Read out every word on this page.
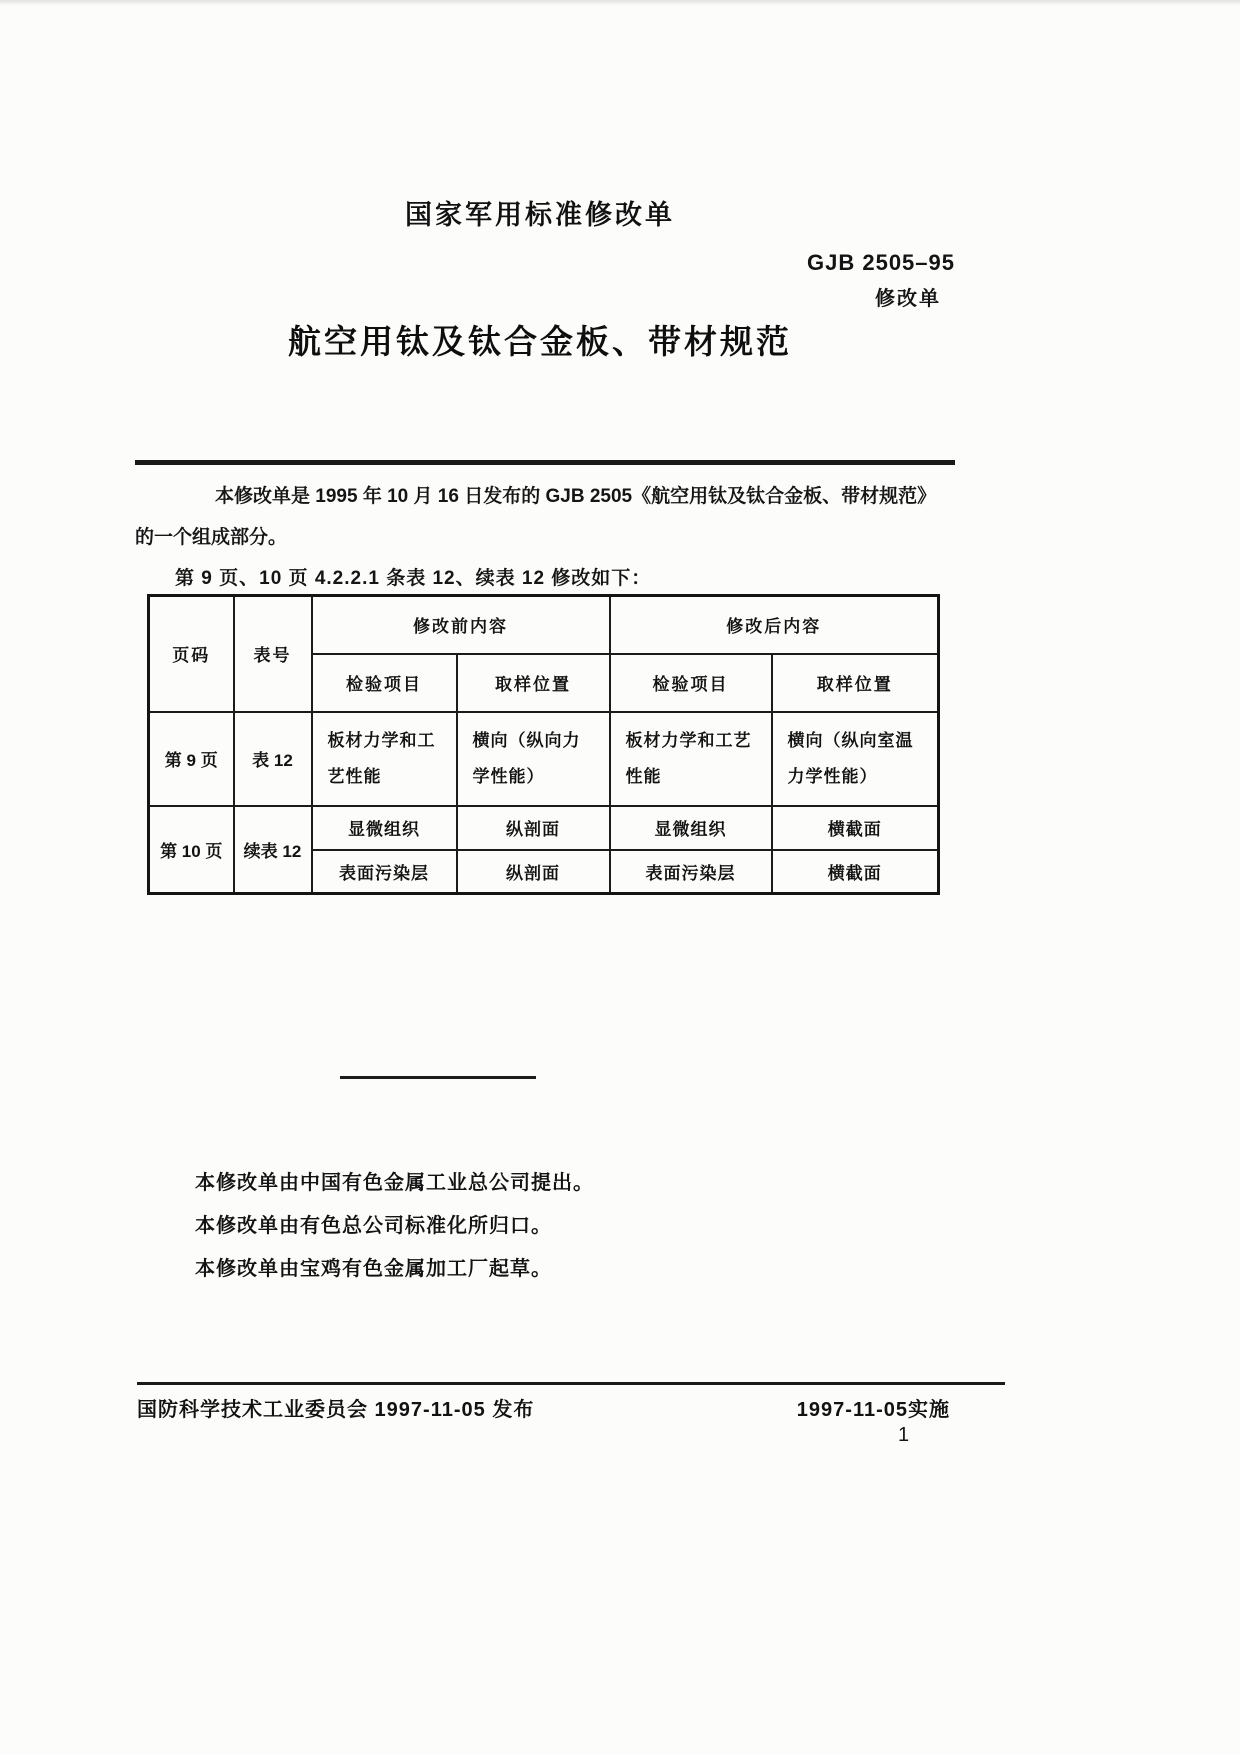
国家军用标准修改单
GJB 2505–95
修改单
航空用钛及钛合金板、带材规范
本修改单是 1995 年 10 月 16 日发布的 GJB 2505《航空用钛及钛合金板、带材规范》
的一个组成部分。
第 9 页、10 页 4.2.2.1 条表 12、续表 12 修改如下：
页码	表号	修改前内容		修改后内容	
		检验项目	取样位置	检验项目	取样位置
第 9 页	表 12	板材力学和工艺性能	横向（纵向力学性能）	板材力学和工艺性能	横向（纵向室温力学性能）
第 10 页	续表 12	显微组织	纵剖面	显微组织	横截面
		表面污染层	纵剖面	表面污染层	横截面
本修改单由中国有色金属工业总公司提出。
本修改单由有色总公司标准化所归口。
本修改单由宝鸡有色金属加工厂起草。
国防科学技术工业委员会 1997-11-05 发布	1997-11-05实施
1
